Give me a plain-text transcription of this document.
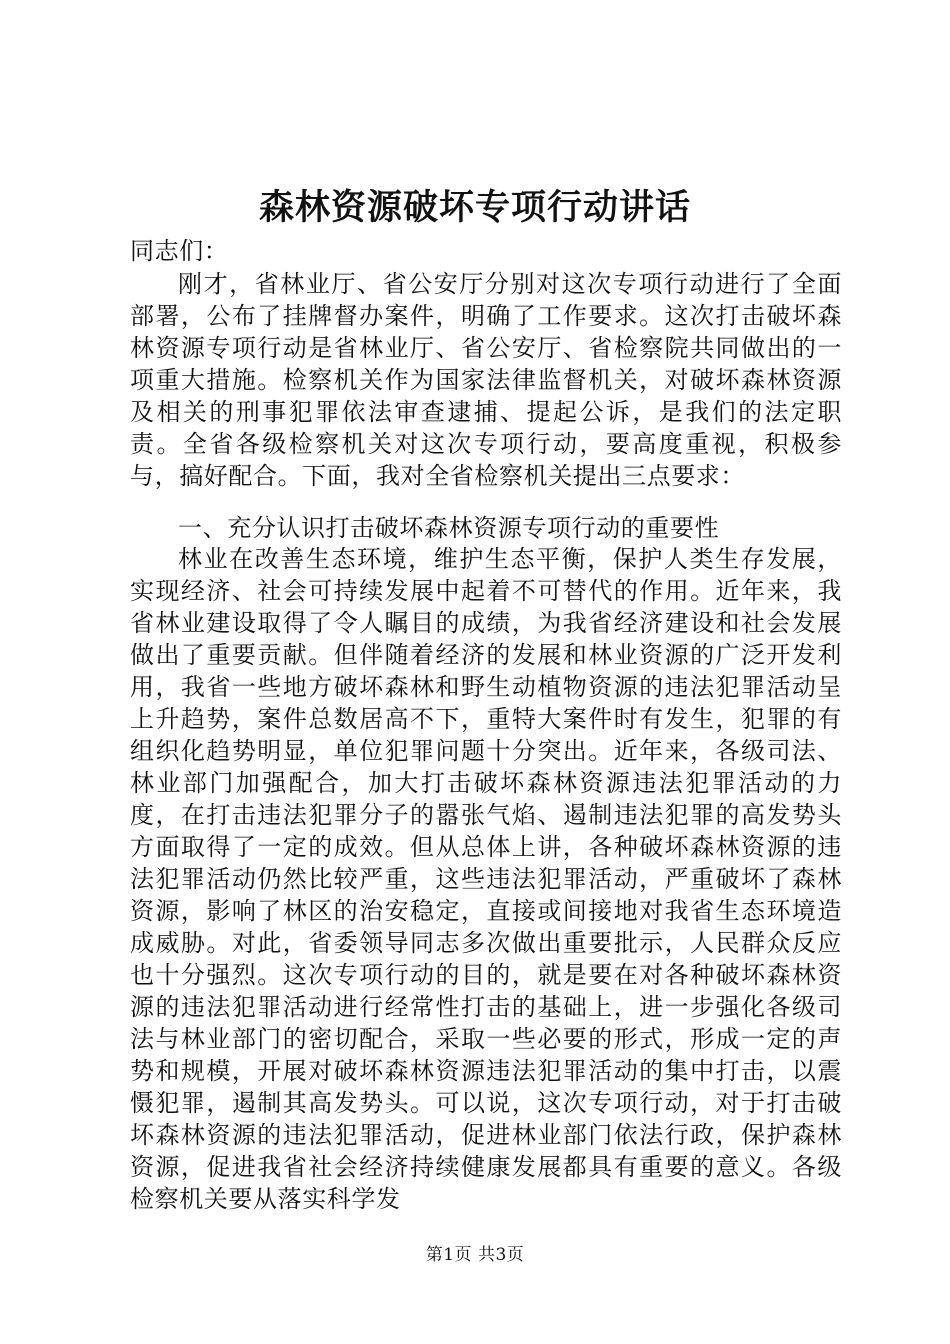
森林资源破坏专项行动讲话
同志们：
刚才，省林业厅、省公安厅分别对这次专项行动进行了全面部署，公布了挂牌督办案件，明确了工作要求。这次打击破坏森林资源专项行动是省林业厅、省公安厅、省检察院共同做出的一项重大措施。检察机关作为国家法律监督机关，对破坏森林资源及相关的刑事犯罪依法审查逮捕、提起公诉，是我们的法定职责。全省各级检察机关对这次专项行动，要高度重视，积极参与，搞好配合。下面，我对全省检察机关提出三点要求：
一、充分认识打击破坏森林资源专项行动的重要性
林业在改善生态环境，维护生态平衡，保护人类生存发展，实现经济、社会可持续发展中起着不可替代的作用。近年来，我省林业建设取得了令人瞩目的成绩，为我省经济建设和社会发展做出了重要贡献。但伴随着经济的发展和林业资源的广泛开发利用，我省一些地方破坏森林和野生动植物资源的违法犯罪活动呈上升趋势，案件总数居高不下，重特大案件时有发生，犯罪的有组织化趋势明显，单位犯罪问题十分突出。近年来，各级司法、林业部门加强配合，加大打击破坏森林资源违法犯罪活动的力度，在打击违法犯罪分子的嚣张气焰、遏制违法犯罪的高发势头方面取得了一定的成效。但从总体上讲，各种破坏森林资源的违法犯罪活动仍然比较严重，这些违法犯罪活动，严重破坏了森林资源，影响了林区的治安稳定，直接或间接地对我省生态环境造成威胁。对此，省委领导同志多次做出重要批示，人民群众反应也十分强烈。这次专项行动的目的，就是要在对各种破坏森林资源的违法犯罪活动进行经常性打击的基础上，进一步强化各级司法与林业部门的密切配合，采取一些必要的形式，形成一定的声势和规模，开展对破坏森林资源违法犯罪活动的集中打击，以震慑犯罪，遏制其高发势头。可以说，这次专项行动，对于打击破坏森林资源的违法犯罪活动，促进林业部门依法行政，保护森林资源，促进我省社会经济持续健康发展都具有重要的意义。各级检察机关要从落实科学发
第1页 共3页
